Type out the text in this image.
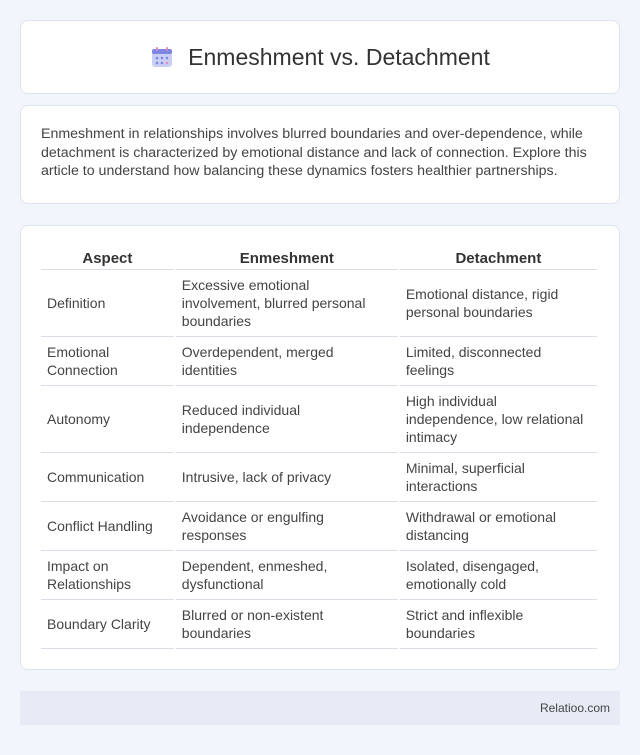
Enmeshment vs. Detachment

Enmeshment in relationships involves blurred boundaries and over-dependence, while detachment is characterized by emotional distance and lack of connection. Explore this article to understand how balancing these dynamics fosters healthier partnerships.

Aspect	Enmeshment	Detachment
Definition	Excessive emotional involvement, blurred personal boundaries	Emotional distance, rigid personal boundaries
Emotional Connection	Overdependent, merged identities	Limited, disconnected feelings
Autonomy	Reduced individual independence	High individual independence, low relational intimacy
Communication	Intrusive, lack of privacy	Minimal, superficial interactions
Conflict Handling	Avoidance or engulfing responses	Withdrawal or emotional distancing
Impact on Relationships	Dependent, enmeshed, dysfunctional	Isolated, disengaged, emotionally cold
Boundary Clarity	Blurred or non-existent boundaries	Strict and inflexible boundaries
Relatioo.com
